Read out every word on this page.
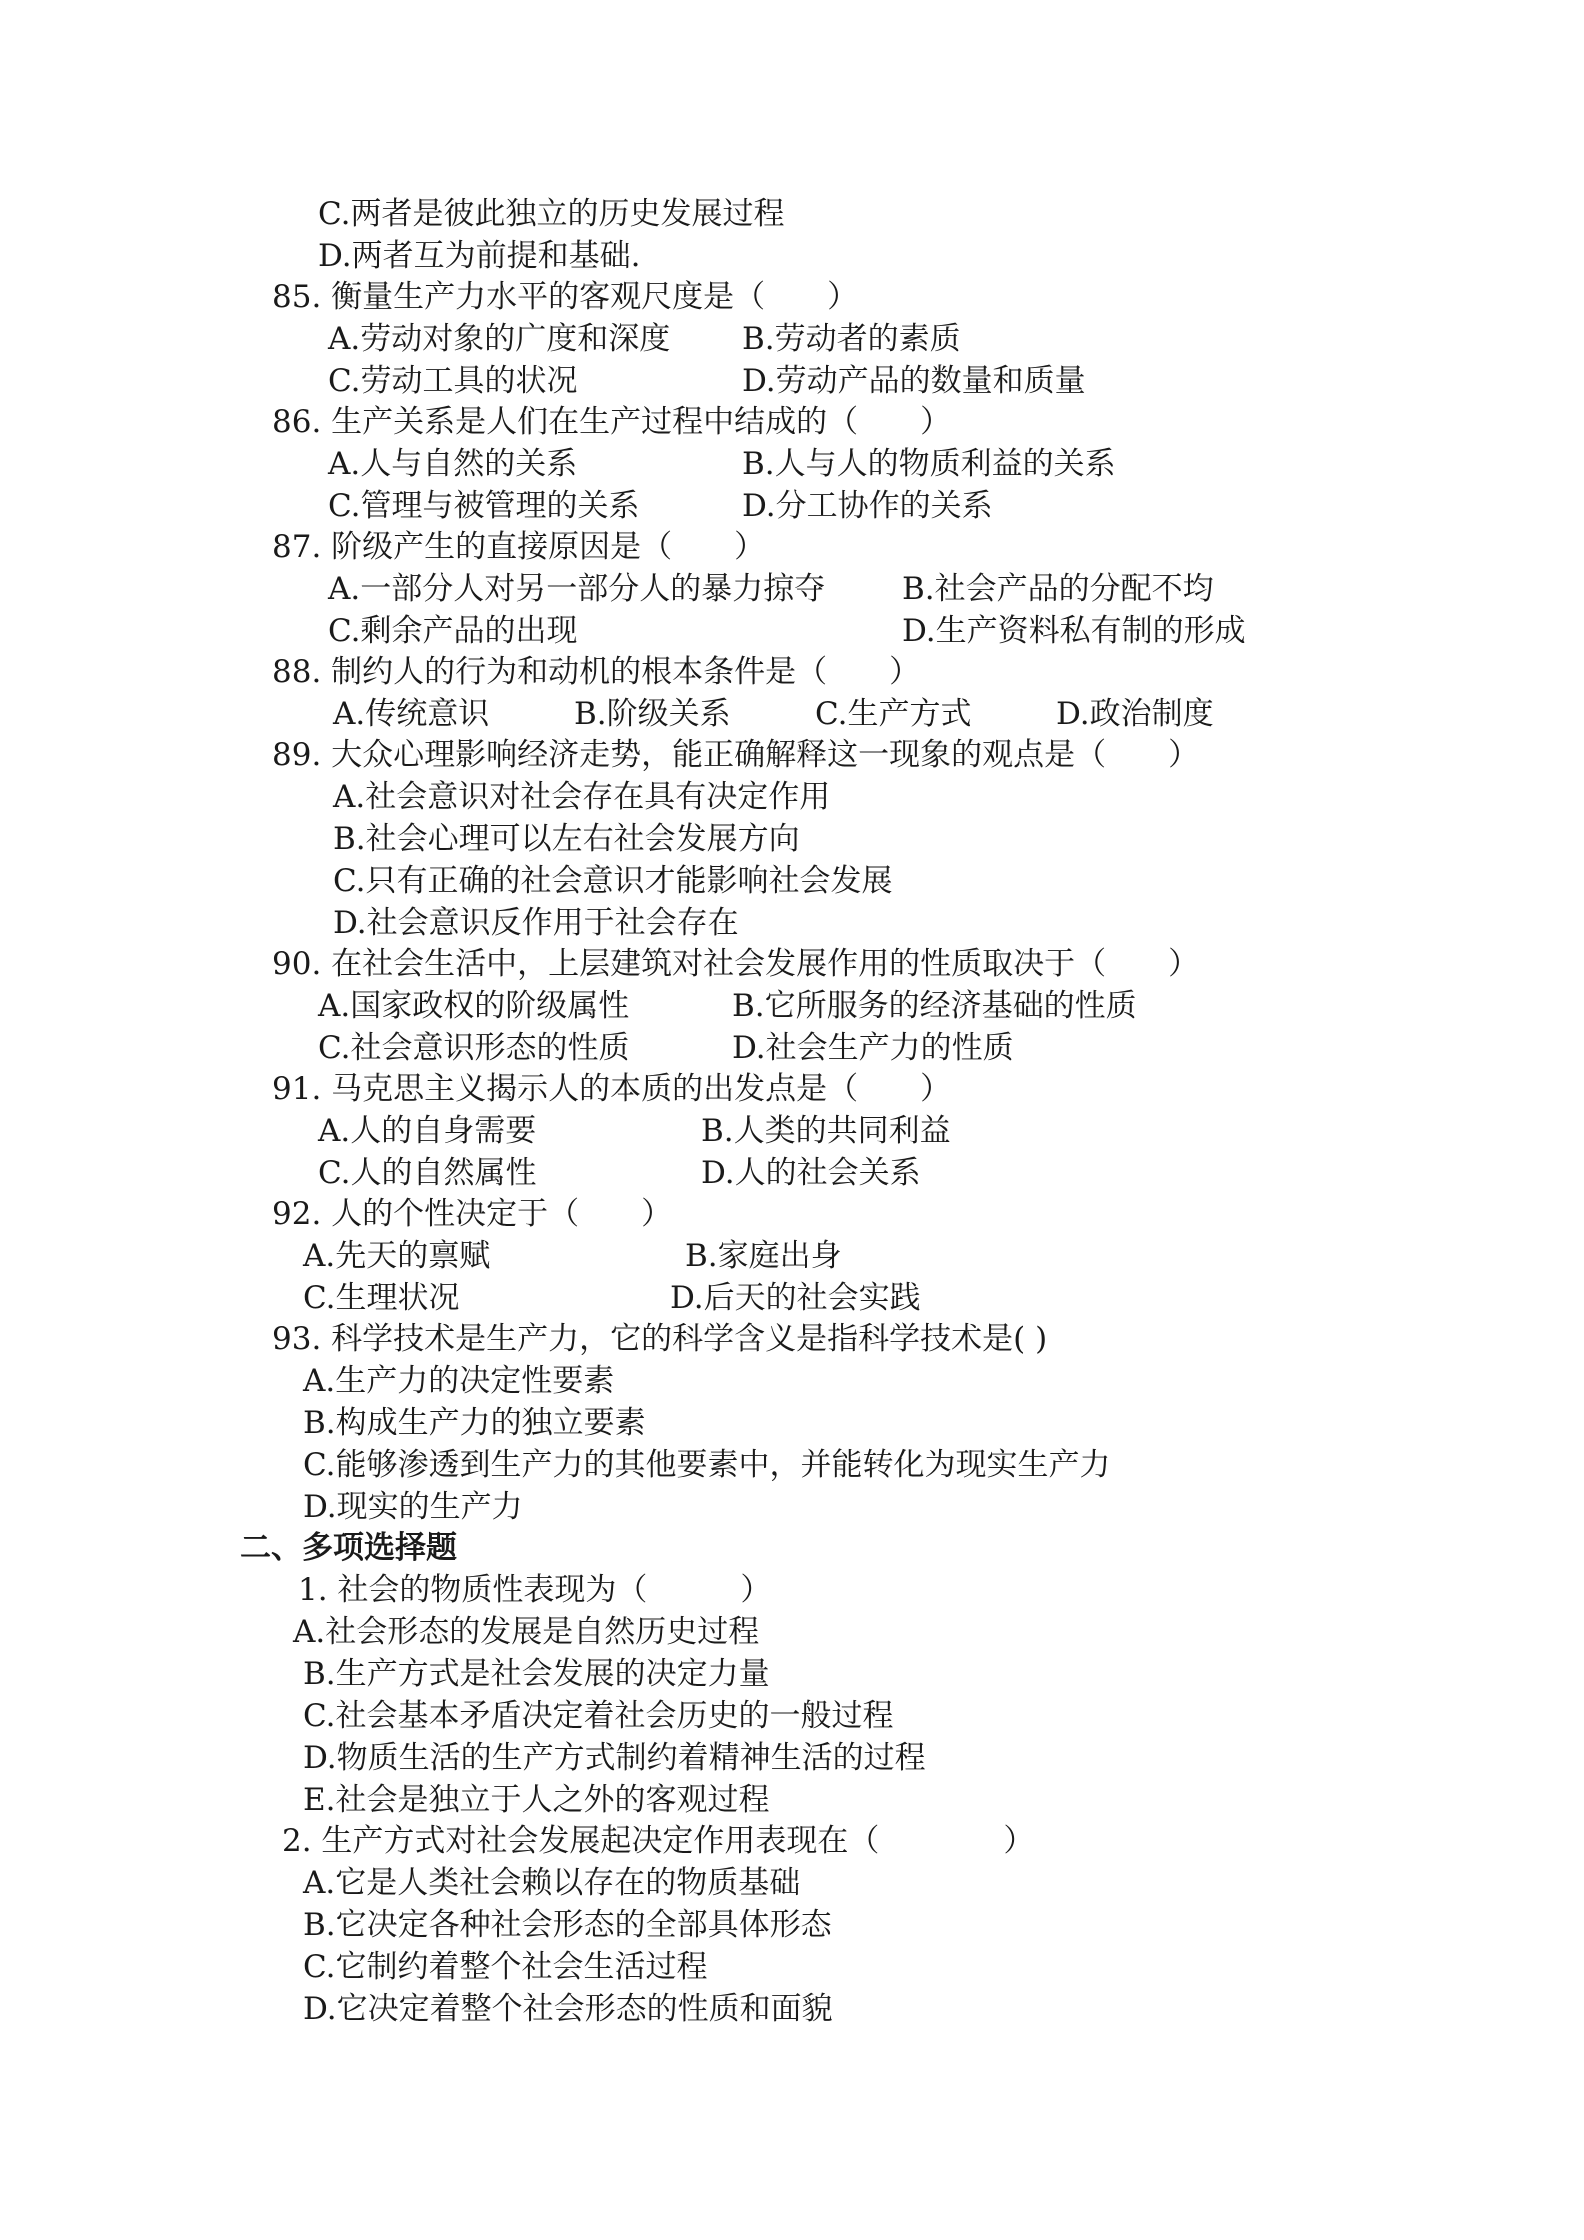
C.两者是彼此独立的历史发展过程
D.两者互为前提和基础.
85. 衡量生产力水平的客观尺度是（　　）
A.劳动对象的广度和深度 B.劳动者的素质
C.劳动工具的状况	D.劳动产品的数量和质量
86. 生产关系是人们在生产过程中结成的（　　）
A.人与自然的关系	B.人与人的物质利益的关系
C.管理与被管理的关系	D.分工协作的关系
87. 阶级产生的直接原因是（　　）
A.一部分人对另一部分人的暴力掠夺 B.社会产品的分配不均
C.剩余产品的出现	D.生产资料私有制的形成
88. 制约人的行为和动机的根本条件是（　　）
A.传统意识	B.阶级关系	C.生产方式	D.政治制度
89. 大众心理影响经济走势，能正确解释这一现象的观点是（　　）
A.社会意识对社会存在具有决定作用
B.社会心理可以左右社会发展方向
C.只有正确的社会意识才能影响社会发展
D.社会意识反作用于社会存在
90. 在社会生活中，上层建筑对社会发展作用的性质取决于（　　）
A.国家政权的阶级属性	B.它所服务的经济基础的性质
C.社会意识形态的性质	D.社会生产力的性质
91. 马克思主义揭示人的本质的出发点是（　　）
A.人的自身需要	B.人类的共同利益
C.人的自然属性	D.人的社会关系
92. 人的个性决定于（　　）
A.先天的禀赋	B.家庭出身
C.生理状况	D.后天的社会实践
93. 科学技术是生产力，它的科学含义是指科学技术是( )
A.生产力的决定性要素
B.构成生产力的独立要素
C.能够渗透到生产力的其他要素中，并能转化为现实生产力
D.现实的生产力
二、多项选择题
1. 社会的物质性表现为（　　　）
A.社会形态的发展是自然历史过程
B.生产方式是社会发展的决定力量
C.社会基本矛盾决定着社会历史的一般过程
D.物质生活的生产方式制约着精神生活的过程
E.社会是独立于人之外的客观过程
2. 生产方式对社会发展起决定作用表现在（　　　　）
A.它是人类社会赖以存在的物质基础
B.它决定各种社会形态的全部具体形态
C.它制约着整个社会生活过程
D.它决定着整个社会形态的性质和面貌
